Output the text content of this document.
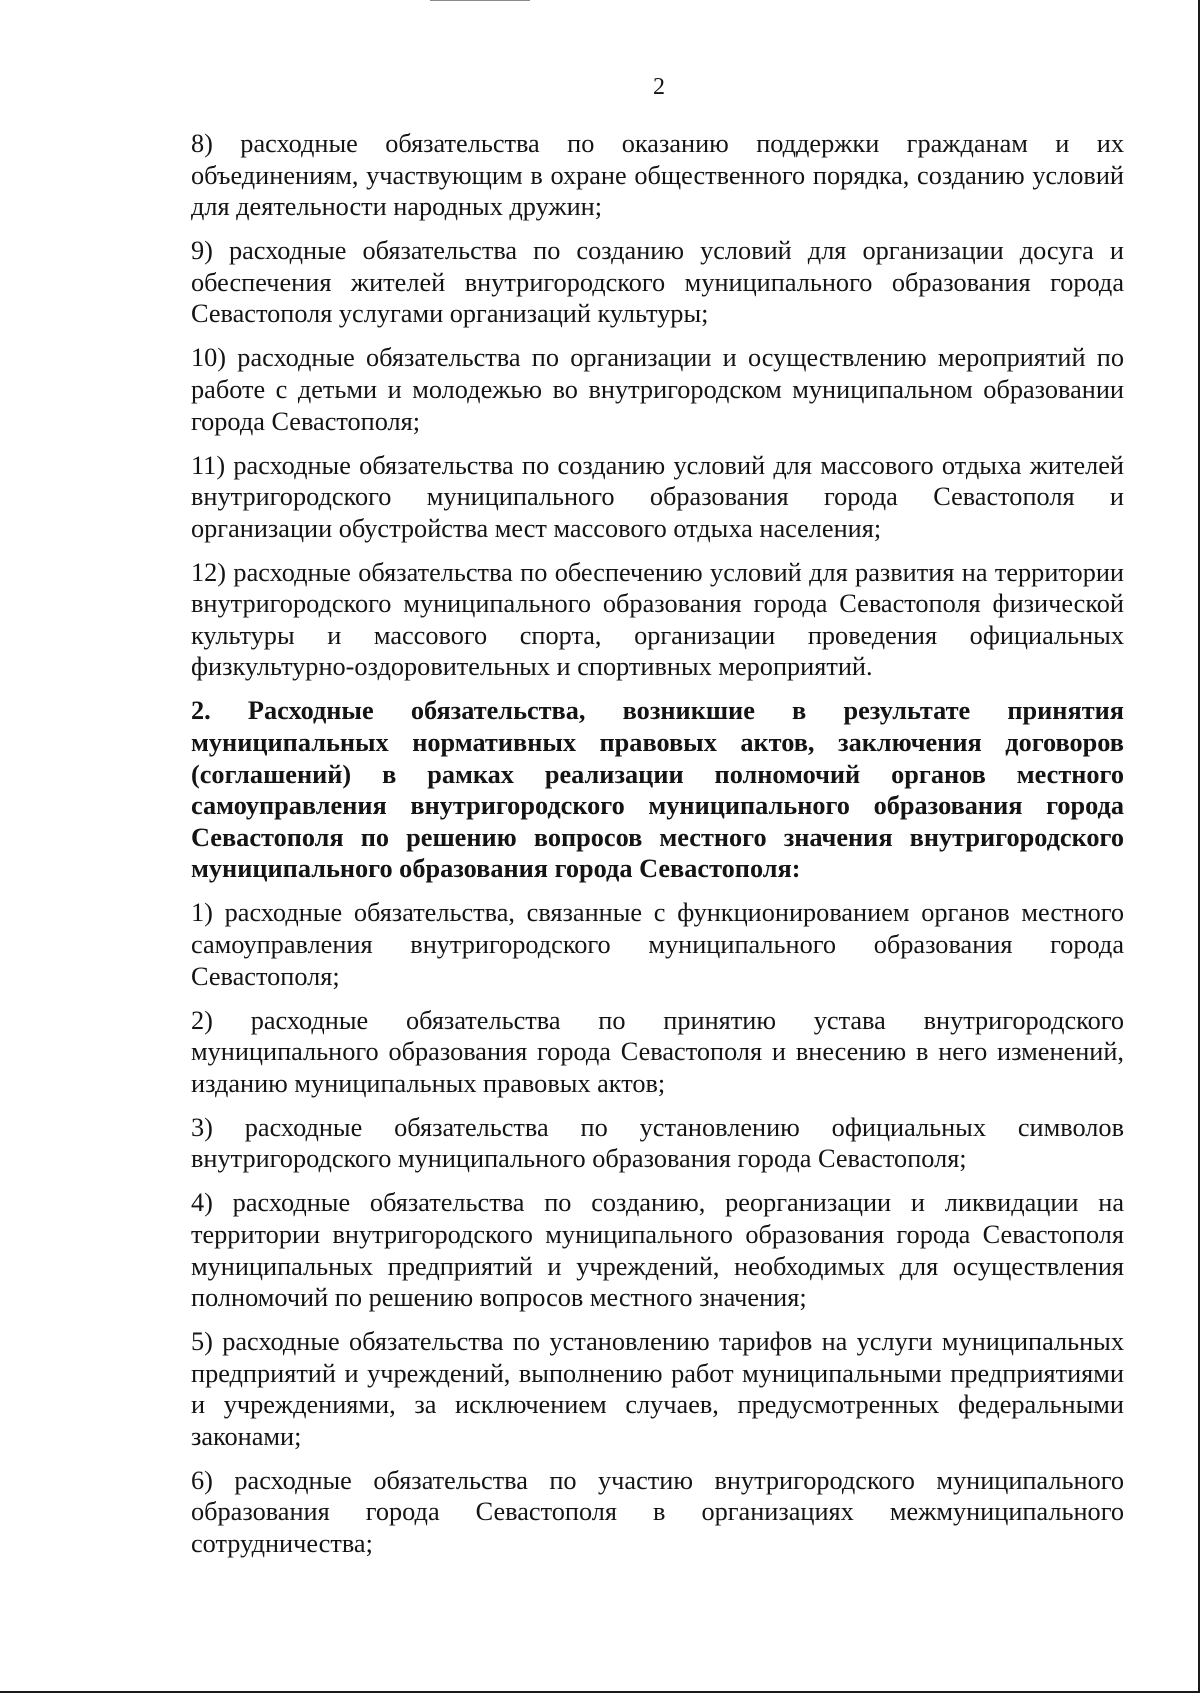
2

8) расходные обязательства по оказанию поддержки гражданам и их объединениям, участвующим в охране общественного порядка, созданию условий для деятельности народных дружин;

9) расходные обязательства по созданию условий для организации досуга и обеспечения жителей внутригородского муниципального образования города Севастополя услугами организаций культуры;

10) расходные обязательства по организации и осуществлению мероприятий по работе с детьми и молодежью во внутригородском муниципальном образовании города Севастополя;

11) расходные обязательства по созданию условий для массового отдыха жителей внутригородского муниципального образования города Севастополя и организации обустройства мест массового отдыха населения;

12) расходные обязательства по обеспечению условий для развития на территории внутригородского муниципального образования города Севастополя физической культуры и массового спорта, организации проведения официальных физкультурно-оздоровительных и спортивных мероприятий.

2. Расходные обязательства, возникшие в результате принятия муниципальных нормативных правовых актов, заключения договоров (соглашений) в рамках реализации полномочий органов местного самоуправления внутригородского муниципального образования города Севастополя по решению вопросов местного значения внутригородского муниципального образования города Севастополя:

1) расходные обязательства, связанные с функционированием органов местного самоуправления внутригородского муниципального образования города Севастополя;

2) расходные обязательства по принятию устава внутригородского муниципального образования города Севастополя и внесению в него изменений, изданию муниципальных правовых актов;

3) расходные обязательства по установлению официальных символов внутригородского муниципального образования города Севастополя;

4) расходные обязательства по созданию, реорганизации и ликвидации на территории внутригородского муниципального образования города Севастополя муниципальных предприятий и учреждений, необходимых для осуществления полномочий по решению вопросов местного значения;

5) расходные обязательства по установлению тарифов на услуги муниципальных предприятий и учреждений, выполнению работ муниципальными предприятиями и учреждениями, за исключением случаев, предусмотренных федеральными законами;

6) расходные обязательства по участию внутригородского муниципального образования города Севастополя в организациях межмуниципального сотрудничества;
